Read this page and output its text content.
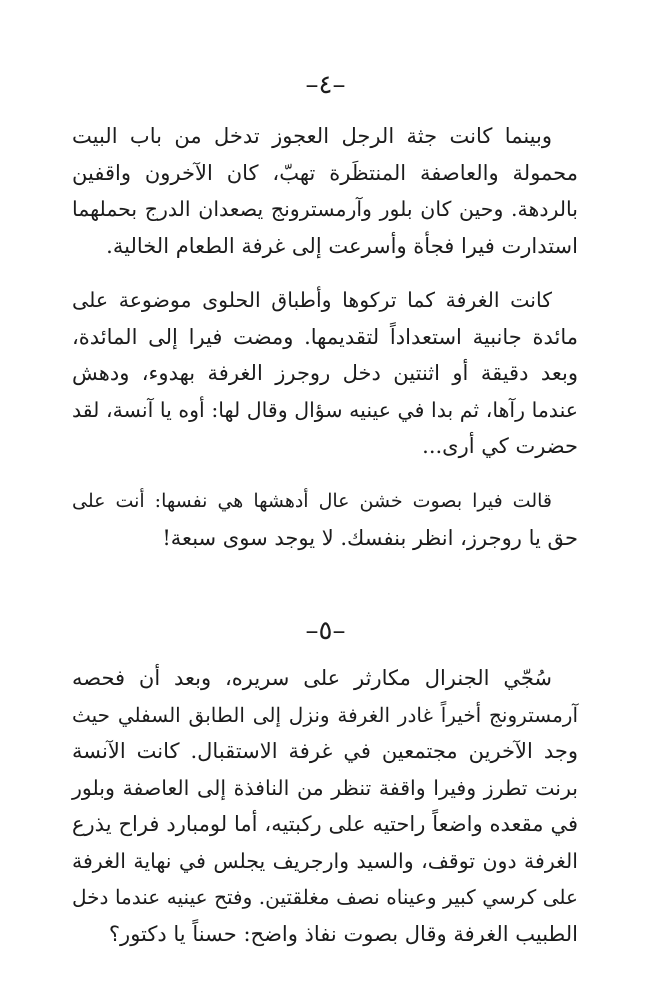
–٤–
وبينما كانت جثة الرجل العجوز تدخل من باب البيت
محمولة والعاصفة المنتظَرة تهبّ، كان الآخرون واقفين
بالردهة. وحين كان بلور وآرمسترونج يصعدان الدرج بحملهما
استدارت فيرا فجأة وأسرعت إلى غرفة الطعام الخالية.
كانت الغرفة كما تركوها وأطباق الحلوى موضوعة على
مائدة جانبية استعداداً لتقديمها. ومضت فيرا إلى المائدة،
وبعد دقيقة أو اثنتين دخل روجرز الغرفة بهدوء، ودهش
عندما رآها، ثم بدا في عينيه سؤال وقال لها: أوه يا آنسة، لقد
حضرت كي أرى...
قالت فيرا بصوت خشن عال أدهشها هي نفسها: أنت على
حق يا روجرز، انظر بنفسك. لا يوجد سوى سبعة!
–٥–
سُجّي الجنرال مكارثر على سريره، وبعد أن فحصه
آرمسترونج أخيراً غادر الغرفة ونزل إلى الطابق السفلي حيث
وجد الآخرين مجتمعين في غرفة الاستقبال. كانت الآنسة
برنت تطرز وفيرا واقفة تنظر من النافذة إلى العاصفة وبلور
في مقعده واضعاً راحتيه على ركبتيه، أما لومبارد فراح يذرع
الغرفة دون توقف، والسيد وارجريف يجلس في نهاية الغرفة
على كرسي كبير وعيناه نصف مغلقتين. وفتح عينيه عندما دخل
الطبيب الغرفة وقال بصوت نفاذ واضح: حسناً يا دكتور؟
